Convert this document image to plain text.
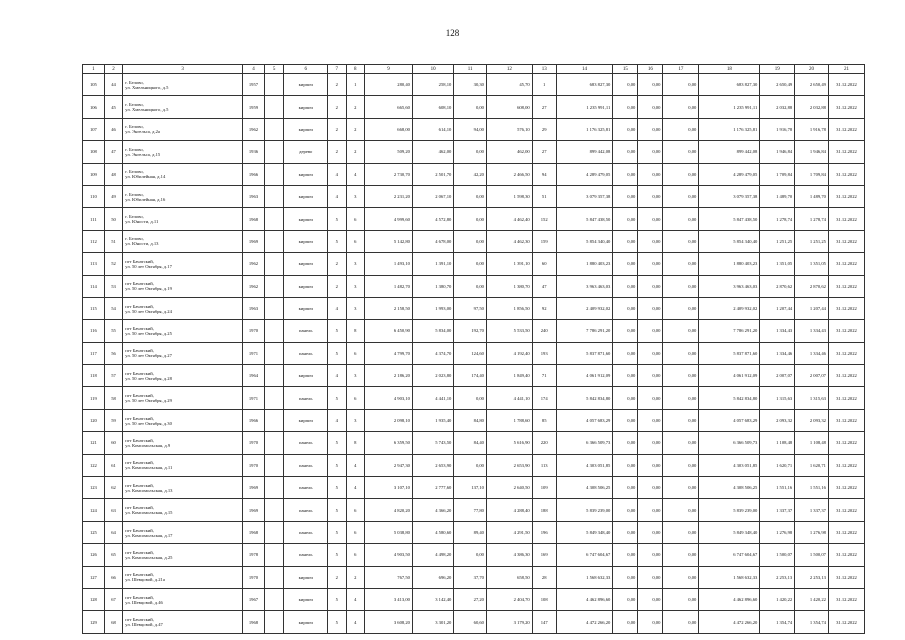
128
1	2	3	4	5	6	7	8	9	10	11	12	13	14	15	16	17	18	19	20	21
105	44	г. Белово,
ул. Хмельницкого, д.5	1957		кирпич	2	1	280,40	258,10	30,30	45,70	1	683 827,30	0,00	0,00	0,00	683 827,30	2 650,49	2 650,49	31.12.2022
106	45	г. Белово,
ул. Хмельницкого, д.5	1959		кирпич	2	2	665,60	608,10	0,00	608,00	27	1 235 991,11	0,00	0,00	0,00	1 235 991,11	2 032,88	2 032,88	31.12.2022
107	46	г. Белово,
ул. Энгельса, д.2а	1962		кирпич	2	2	668,00	614,10	94,00	576,10	29	1 176 325,81	0,00	0,00	0,00	1 176 325,81	1 916,78	1 916,78	31.12.2022
108	47	г. Белово,
ул. Энгельса, д.15	1936		дерево	2	2	509,20	462,00	0,00	462,00	27	899 442,08	0,00	0,00	0,00	899 442,08	1 946,84	1 946,84	31.12.2022
109	48	г. Белово,
ул. Юбилейная, д.14	1966		кирпич	4	4	2 730,70	2 501,70	42,20	2 466,50	94	4 289 479,05	0,00	0,00	0,00	4 289 479,05	1 709,84	1 709,84	31.12.2022
110	49	г. Белово,
ул. Юбилейная, д.16	1963		кирпич	4	3	2 231,20	2 067,10	0,00	1 598,30	51	3 079 357,38	0,00	0,00	0,00	3 079 357,38	1 489,70	1 489,70	31.12.2022
111	50	г. Белово,
ул. Юности, д.11	1968		кирпич	5	6	4 999,60	4 572,80	0,00	4 462,40	152	5 847 438,50	0,00	0,00	0,00	5 847 438,50	1 278,74	1 278,74	31.12.2022
112	51	г. Белово,
ул. Юности, д.13	1969		кирпич	5	6	5 142,80	4 678,00	0,00	4 462,30	159	5 854 340,40	0,00	0,00	0,00	5 854 340,40	1 251,25	1 251,25	31.12.2022
113	52	пгт Бачатский,
ул. 50 лет Октября, д.17	1962		кирпич	2	3	1 493,10	1 391,10	0,00	1 391,10	60	1 880 403,23	0,00	0,00	0,00	1 880 403,23	1 351,05	1 351,05	31.12.2022
114	53	пгт Бачатский,
ул. 50 лет Октября, д.19	1962		кирпич	2	3	1 482,70	1 380,70	0,00	1 380,70	47	3 963 463,03	0,00	0,00	0,00	3 963 463,03	2 870,62	2 870,62	31.12.2022
115	54	пгт Бачатский,
ул. 50 лет Октября, д.24	1963		кирпич	4	3	2 158,50	1 993,00	97,50	1 856,50	92	2 409 932,02	0,00	0,00	0,00	2 409 932,02	1 207,44	1 207,44	31.12.2022
116	55	пгт Бачатский,
ул. 50 лет Октября, д.25	1970		панель	5	8	6 450,90	5 834,00	192,70	5 533,50	240	7 786 291,20	0,00	0,00	0,00	7 786 291,20	1 334,43	1 334,43	31.12.2022
117	56	пгт Бачатский,
ул. 50 лет Октября, д.27	1971		панель	5	6	4 799,70	4 374,70	124,60	4 192,40	193	5 837 871,60	0,00	0,00	0,00	5 837 871,60	1 334,46	1 334,46	31.12.2022
118	57	пгт Бачатский,
ул. 50 лет Октября, д.28	1964		кирпич	4	3	2 186,20	2 023,80	174,40	1 849,40	71	4 061 912,09	0,00	0,00	0,00	4 061 912,09	2 007,07	2 007,07	31.12.2022
119	58	пгт Бачатский,
ул. 50 лет Октября, д.29	1971		панель	5	6	4 903,10	4 441,10	0,00	4 441,10	174	5 842 834,80	0,00	0,00	0,00	5 842 834,80	1 315,63	1 315,63	31.12.2022
120	59	пгт Бачатский,
ул. 50 лет Октября, д.30	1966		кирпич	4	3	2 098,10	1 935,40	84,80	1 788,60	85	4 057 683,29	0,00	0,00	0,00	4 057 683,29	2 093,32	2 093,32	31.12.2022
121	60	пгт Бачатский,
ул. Комсомольская, д.9	1970		панель	5	8	6 359,50	5 743,50	84,40	5 616,90	220	6 366 509,73	0,00	0,00	0,00	6 366 509,73	1 108,48	1 108,48	31.12.2022
122	61	пгт Бачатский,
ул. Комсомольская, д.11	1970		панель	5	4	2 947,30	2 653,90	0,00	2 653,90	113	4 303 051,85	0,00	0,00	0,00	4 303 051,85	1 620,71	1 620,71	31.12.2022
123	62	пгт Бачатский,
ул. Комсомольская, д.13	1969		панель	5	4	3 107,10	2 777,60	137,10	2 640,50	109	4 308 506,25	0,00	0,00	0,00	4 308 506,25	1 551,16	1 551,16	31.12.2022
124	63	пгт Бачатский,
ул. Комсомольская, д.15	1969		панель	5	6	4 820,20	4 366,20	77,80	4 288,40	188	5 839 239,00	0,00	0,00	0,00	5 839 239,00	1 337,37	1 337,37	31.12.2022
125	64	пгт Бачатский,
ул. Комсомольская, д.17	1968		панель	5	6	5 038,80	4 580,60	89,40	4 291,50	196	5 849 348,40	0,00	0,00	0,00	5 849 348,40	1 276,98	1 276,98	31.12.2022
126	65	пгт Бачатский,
ул. Комсомольская, д.25	1978		панель	5	6	4 903,50	4 498,20	0,00	4 386,30	169	6 747 604,67	0,00	0,00	0,00	6 747 604,67	1 500,07	1 500,07	31.12.2022
127	66	пгт Бачатский,
ул. Шевцовой, д.21а	1970		кирпич	2	2	767,50	696,20	37,70	658,50	28	1 568 632,33	0,00	0,00	0,00	1 568 632,33	2 253,13	2 253,13	31.12.2022
128	67	пгт Бачатский,
ул. Шевцовой, д.46	1967		кирпич	5	4	3 413,00	3 142,40	27,20	2 404,70	108	4 462 896,60	0,00	0,00	0,00	4 462 896,60	1 420,22	1 420,22	31.12.2022
129	68	пгт Бачатский,
ул. Шевцовой, д.47	1968		кирпич	5	4	3 608,20	3 301,20	60,60	3 179,20	147	4 472 266,20	0,00	0,00	0,00	4 472 266,20	1 354,74	1 354,74	31.12.2022
